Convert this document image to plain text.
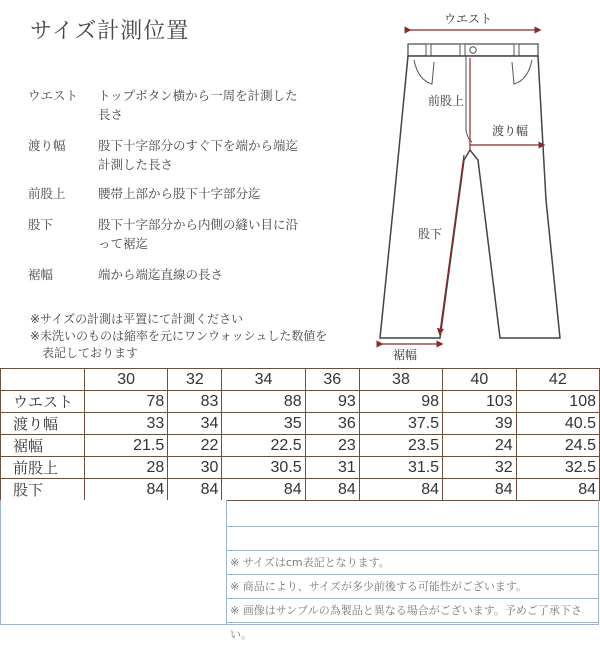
サイズ計測位置
ウエスト	トップボタン横から一周を計測した長さ
渡り幅	股下十字部分のすぐ下を端から端迄計測した長さ
前股上	腰帯上部から股下十字部分迄
股下	股下十字部分から内側の縫い目に沿って裾迄
裾幅	端から端迄直線の長さ
※サイズの計測は平置にて計測ください
※未洗いのものは縮率を元にワンウォッシュした数値を
表記しております
ウエスト
前股上
渡り幅
股下
裾幅
	30	32	34	36	38	40	42
ウエスト	78	83	88	93	98	103	108
渡り幅	33	34	35	36	37.5	39	40.5
裾幅	21.5	22	22.5	23	23.5	24	24.5
前股上	28	30	30.5	31	31.5	32	32.5
股下	84	84	84	84	84	84	84
※ サイズはcm表記となります。
※ 商品により、サイズが多少前後する可能性がございます。
※ 画像はサンプルの為製品と異なる場合がございます。予めご了承下さい。
